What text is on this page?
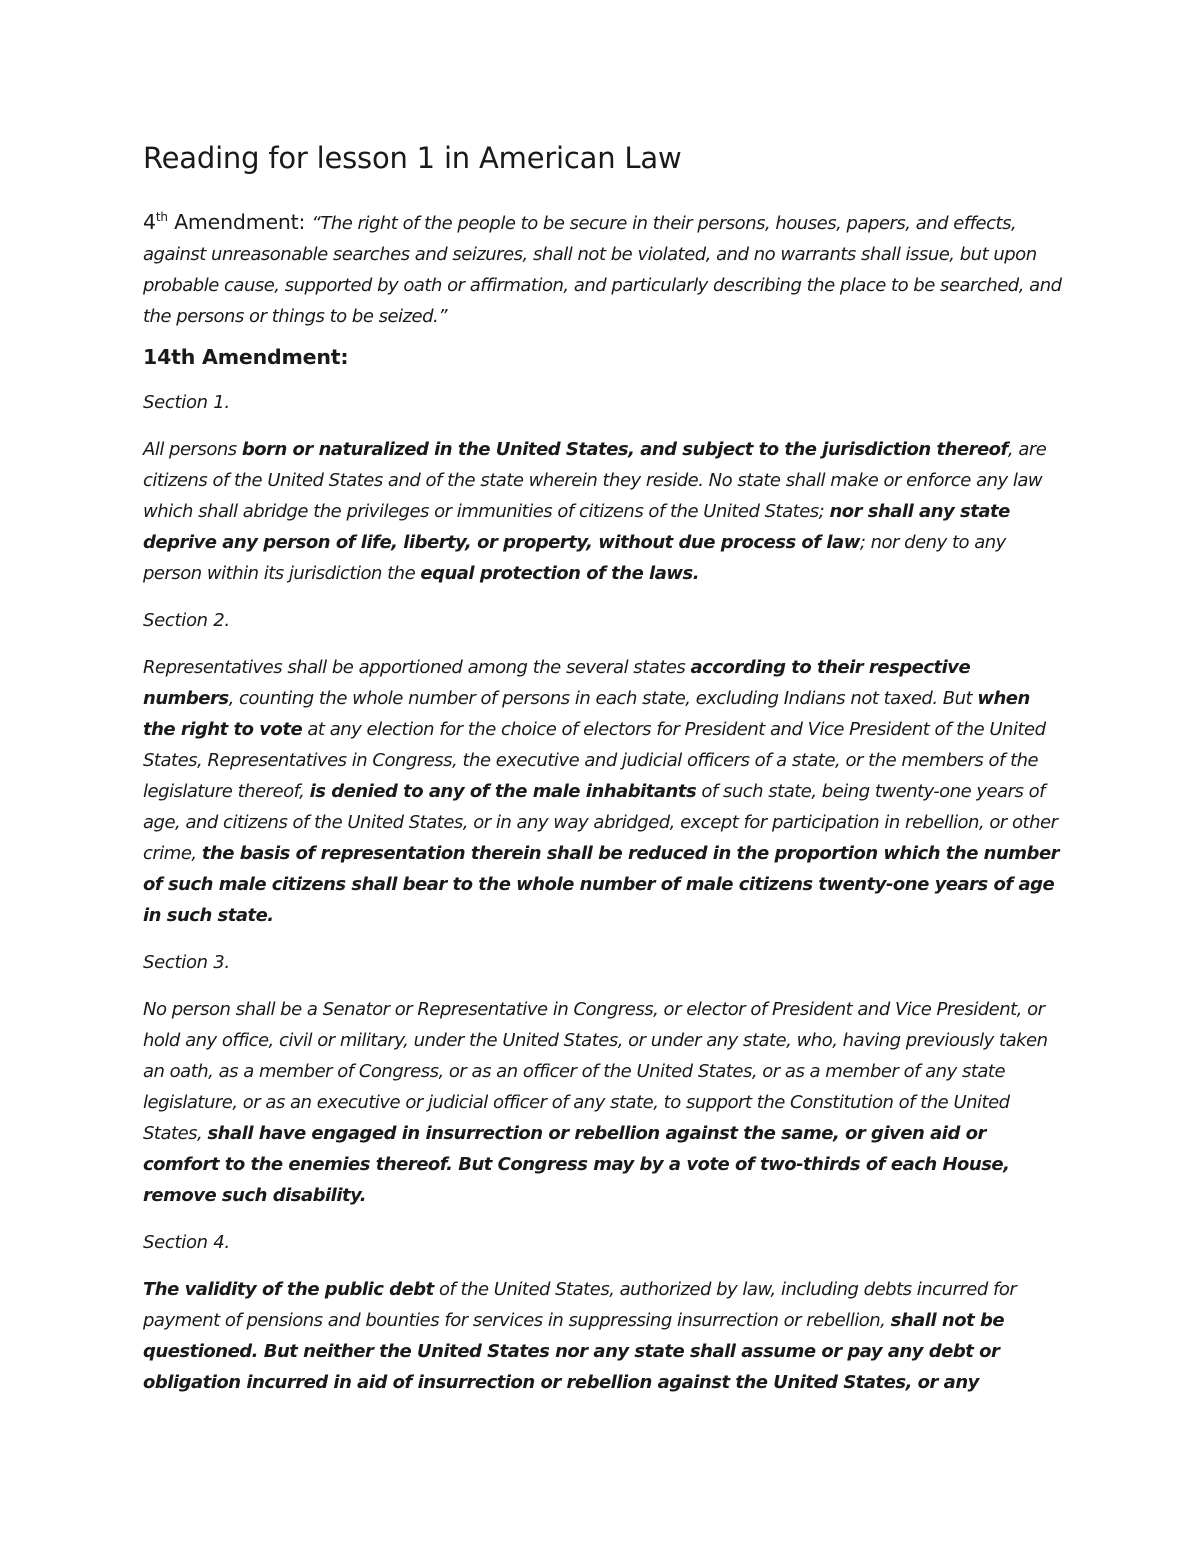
Reading for lesson 1 in American Law

4th Amendment: “The right of the people to be secure in their persons, houses, papers, and effects, against unreasonable searches and seizures, shall not be violated, and no warrants shall issue, but upon probable cause, supported by oath or affirmation, and particularly describing the place to be searched, and the persons or things to be seized.”

14th Amendment:

Section 1.

All persons born or naturalized in the United States, and subject to the jurisdiction thereof, are citizens of the United States and of the state wherein they reside. No state shall make or enforce any law which shall abridge the privileges or immunities of citizens of the United States; nor shall any state deprive any person of life, liberty, or property, without due process of law; nor deny to any person within its jurisdiction the equal protection of the laws.

Section 2.

Representatives shall be apportioned among the several states according to their respective numbers, counting the whole number of persons in each state, excluding Indians not taxed. But when the right to vote at any election for the choice of electors for President and Vice President of the United States, Representatives in Congress, the executive and judicial officers of a state, or the members of the legislature thereof, is denied to any of the male inhabitants of such state, being twenty-one years of age, and citizens of the United States, or in any way abridged, except for participation in rebellion, or other crime, the basis of representation therein shall be reduced in the proportion which the number of such male citizens shall bear to the whole number of male citizens twenty-one years of age in such state.

Section 3.

No person shall be a Senator or Representative in Congress, or elector of President and Vice President, or hold any office, civil or military, under the United States, or under any state, who, having previously taken an oath, as a member of Congress, or as an officer of the United States, or as a member of any state legislature, or as an executive or judicial officer of any state, to support the Constitution of the United States, shall have engaged in insurrection or rebellion against the same, or given aid or comfort to the enemies thereof. But Congress may by a vote of two-thirds of each House, remove such disability.

Section 4.

The validity of the public debt of the United States, authorized by law, including debts incurred for payment of pensions and bounties for services in suppressing insurrection or rebellion, shall not be questioned. But neither the United States nor any state shall assume or pay any debt or obligation incurred in aid of insurrection or rebellion against the United States, or any
